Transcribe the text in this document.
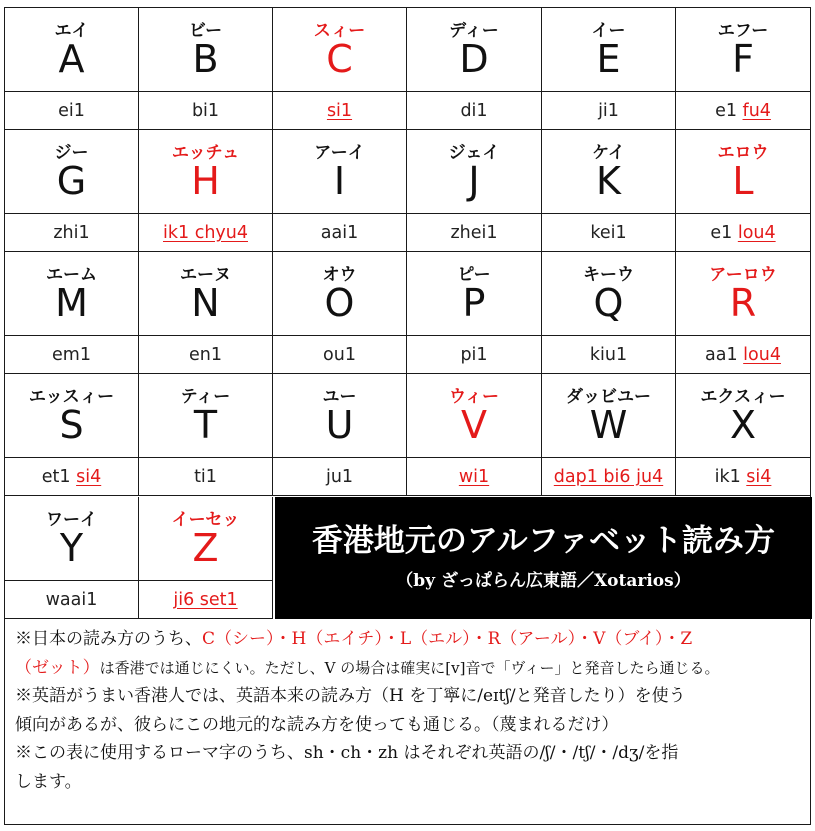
エイ
A
ei1
ビー
B
bi1
スィー
C
si1
ディー
D
di1
イー
E
ji1
エフー
F
e1 fu4
ジー
G
zhi1
エッチュ
H
ik1 chyu4
アーイ
I
aai1
ジェイ
J
zhei1
ケイ
K
kei1
エロウ
L
e1 lou4
エーム
M
em1
エーヌ
N
en1
オウ
O
ou1
ピー
P
pi1
キーウ
Q
kiu1
アーロウ
R
aa1 lou4
エッスィー
S
et1 si4
ティー
T
ti1
ユー
U
ju1
ウィー
V
wi1
ダッビユー
W
dap1 bi6 ju4
エクスィー
X
ik1 si4
ワーイ
Y
waai1
イーセッ
Z
ji6 set1
香港地元のアルファベット読み方
（by ざっぱらん広東語／Xotarios）
※日本の読み方のうち、C（シー）・H（エイチ）・L（エル）・R（アール）・V（ブイ）・Z
（ゼット）は香港では通じにくい。ただし、V の場合は確実に[v]音で「ヴィー」と発音したら通じる。
※英語がうまい香港人では、英語本来の読み方（H を丁寧に/eɪtʃ/と発音したり）を使う
傾向があるが、彼らにこの地元的な読み方を使っても通じる。（蔑まれるだけ）
※この表に使用するローマ字のうち、sh・ch・zh はそれぞれ英語の/ʃ/・/tʃ/・/dʒ/を指
します。
